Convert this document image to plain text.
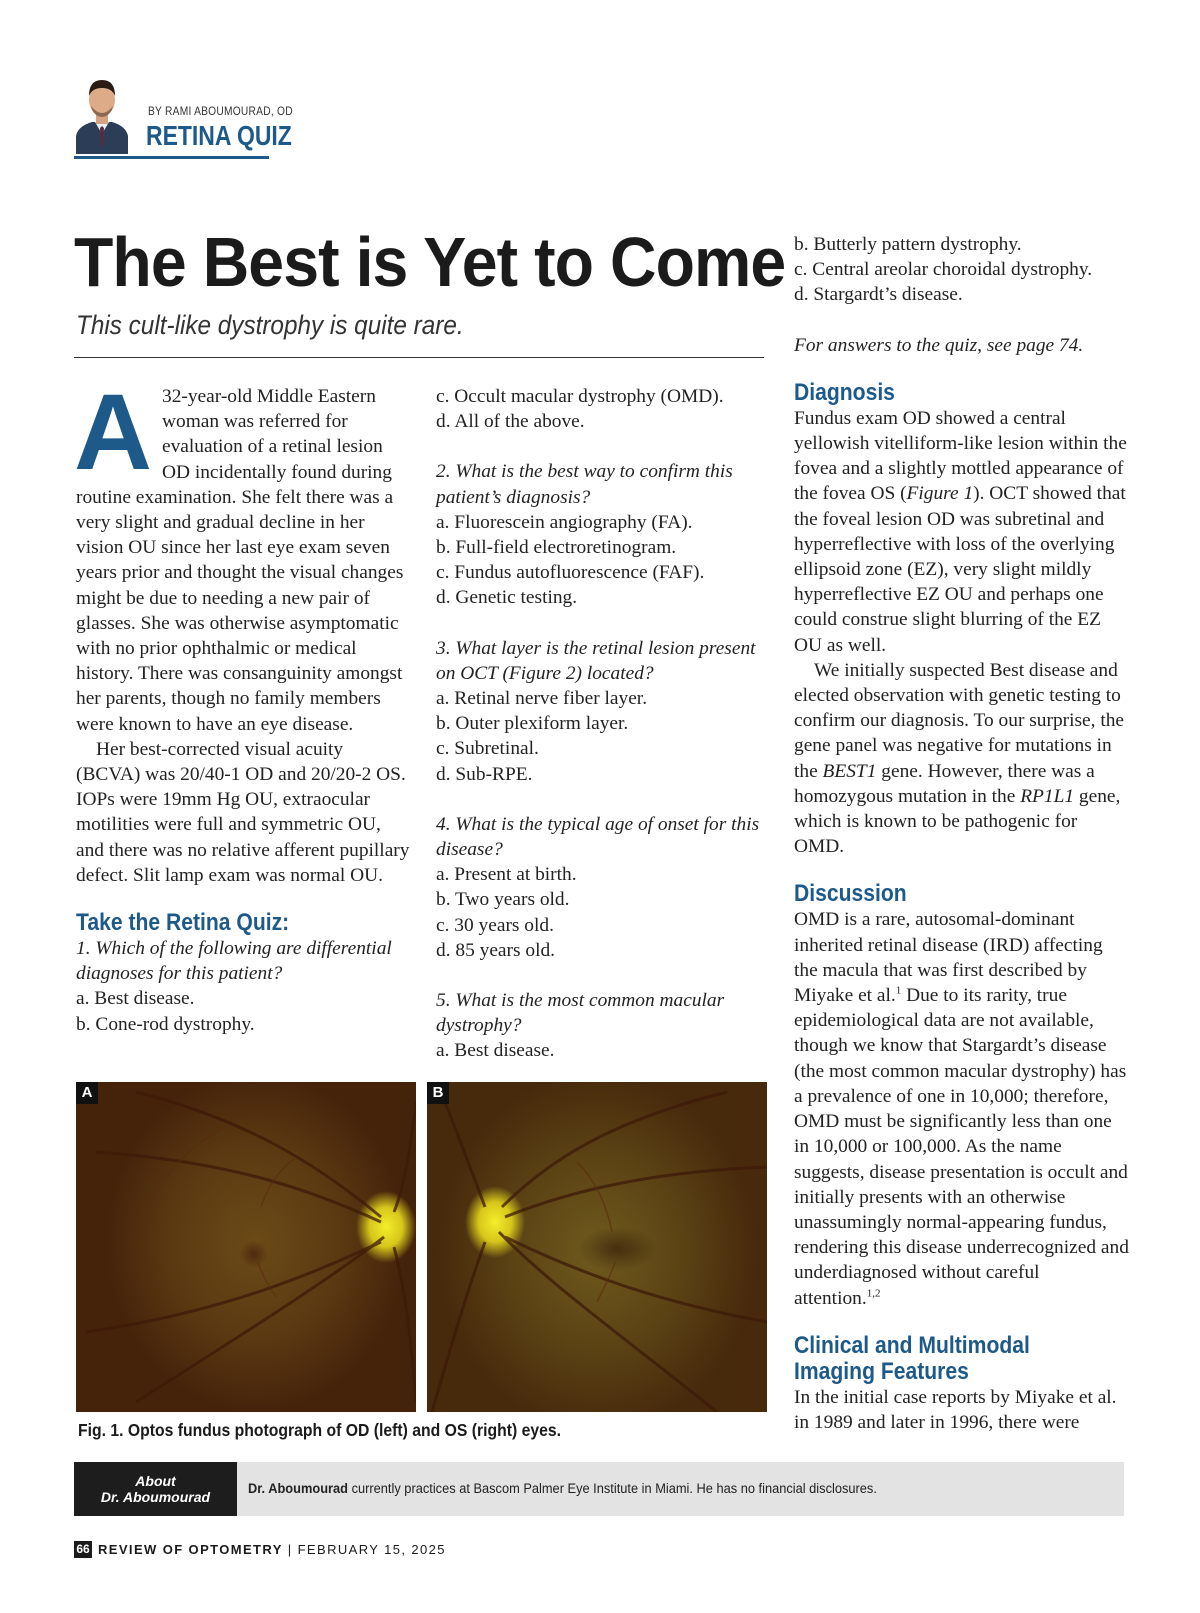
BY RAMI ABOUMOURAD, OD
RETINA QUIZ
The Best is Yet to Come
This cult-like dystrophy is quite rare.

A 32-year-old Middle Eastern woman was referred for evaluation of a retinal lesion OD incidentally found during routine examination. She felt there was a very slight and gradual decline in her vision OU since her last eye exam seven years prior and thought the visual changes might be due to needing a new pair of glasses. She was otherwise asymptomatic with no prior ophthalmic or medical history. There was consanguinity amongst her parents, though no family members were known to have an eye disease.

Her best-corrected visual acuity (BCVA) was 20/40-1 OD and 20/20-2 OS. IOPs were 19mm Hg OU, extraocular motilities were full and symmetric OU, and there was no relative afferent pupillary defect. Slit lamp exam was normal OU.

Take the Retina Quiz:

1. Which of the following are differential diagnoses for this patient?

a. Best disease.

b. Cone-rod dystrophy.

c. Occult macular dystrophy (OMD).

d. All of the above.

2. What is the best way to confirm this patient’s diagnosis?

a. Fluorescein angiography (FA).

b. Full-field electroretinogram.

c. Fundus autofluorescence (FAF).

d. Genetic testing.

3. What layer is the retinal lesion present on OCT (Figure 2) located?

a. Retinal nerve fiber layer.

b. Outer plexiform layer.

c. Subretinal.

d. Sub-RPE.

4. What is the typical age of onset for this disease?

a. Present at birth.

b. Two years old.

c. 30 years old.

d. 85 years old.

5. What is the most common macular dystrophy?

a. Best disease.

b. Butterly pattern dystrophy.

c. Central areolar choroidal dystrophy.

d. Stargardt’s disease.

For answers to the quiz, see page 74.

Diagnosis

Fundus exam OD showed a central yellowish vitelliform-like lesion within the fovea and a slightly mottled appearance of the fovea OS (Figure 1). OCT showed that the foveal lesion OD was subretinal and hyperreflective with loss of the overlying ellipsoid zone (EZ), very slight mildly hyperreflective EZ OU and perhaps one could construe slight blurring of the EZ OU as well.

We initially suspected Best disease and elected observation with genetic testing to confirm our diagnosis. To our surprise, the gene panel was negative for mutations in the BEST1 gene. However, there was a homozygous mutation in the RP1L1 gene, which is known to be pathogenic for OMD.

Discussion

OMD is a rare, autosomal-dominant inherited retinal disease (IRD) affecting the macula that was first described by Miyake et al.$^1$ Due to its rarity, true epidemiological data are not available, though we know that Stargardt’s disease (the most common macular dystrophy) has a prevalence of one in 10,000; therefore, OMD must be significantly less than one in 10,000 or 100,000. As the name suggests, disease presentation is occult and initially presents with an otherwise unassumingly normal-appearing fundus, rendering this disease underrecognized and underdiagnosed without careful attention.$^{1,2}$

Clinical and Multimodal
Imaging Features

In the initial case reports by Miyake et al. in 1989 and later in 1996, there were

A	B
Fig. 1. Optos fundus photograph of OD (left) and OS (right) eyes.
About
Dr. Aboumourad
Dr. Aboumourad currently practices at Bascom Palmer Eye Institute in Miami. He has no financial disclosures.
66 REVIEW OF OPTOMETRY | FEBRUARY 15, 2025
